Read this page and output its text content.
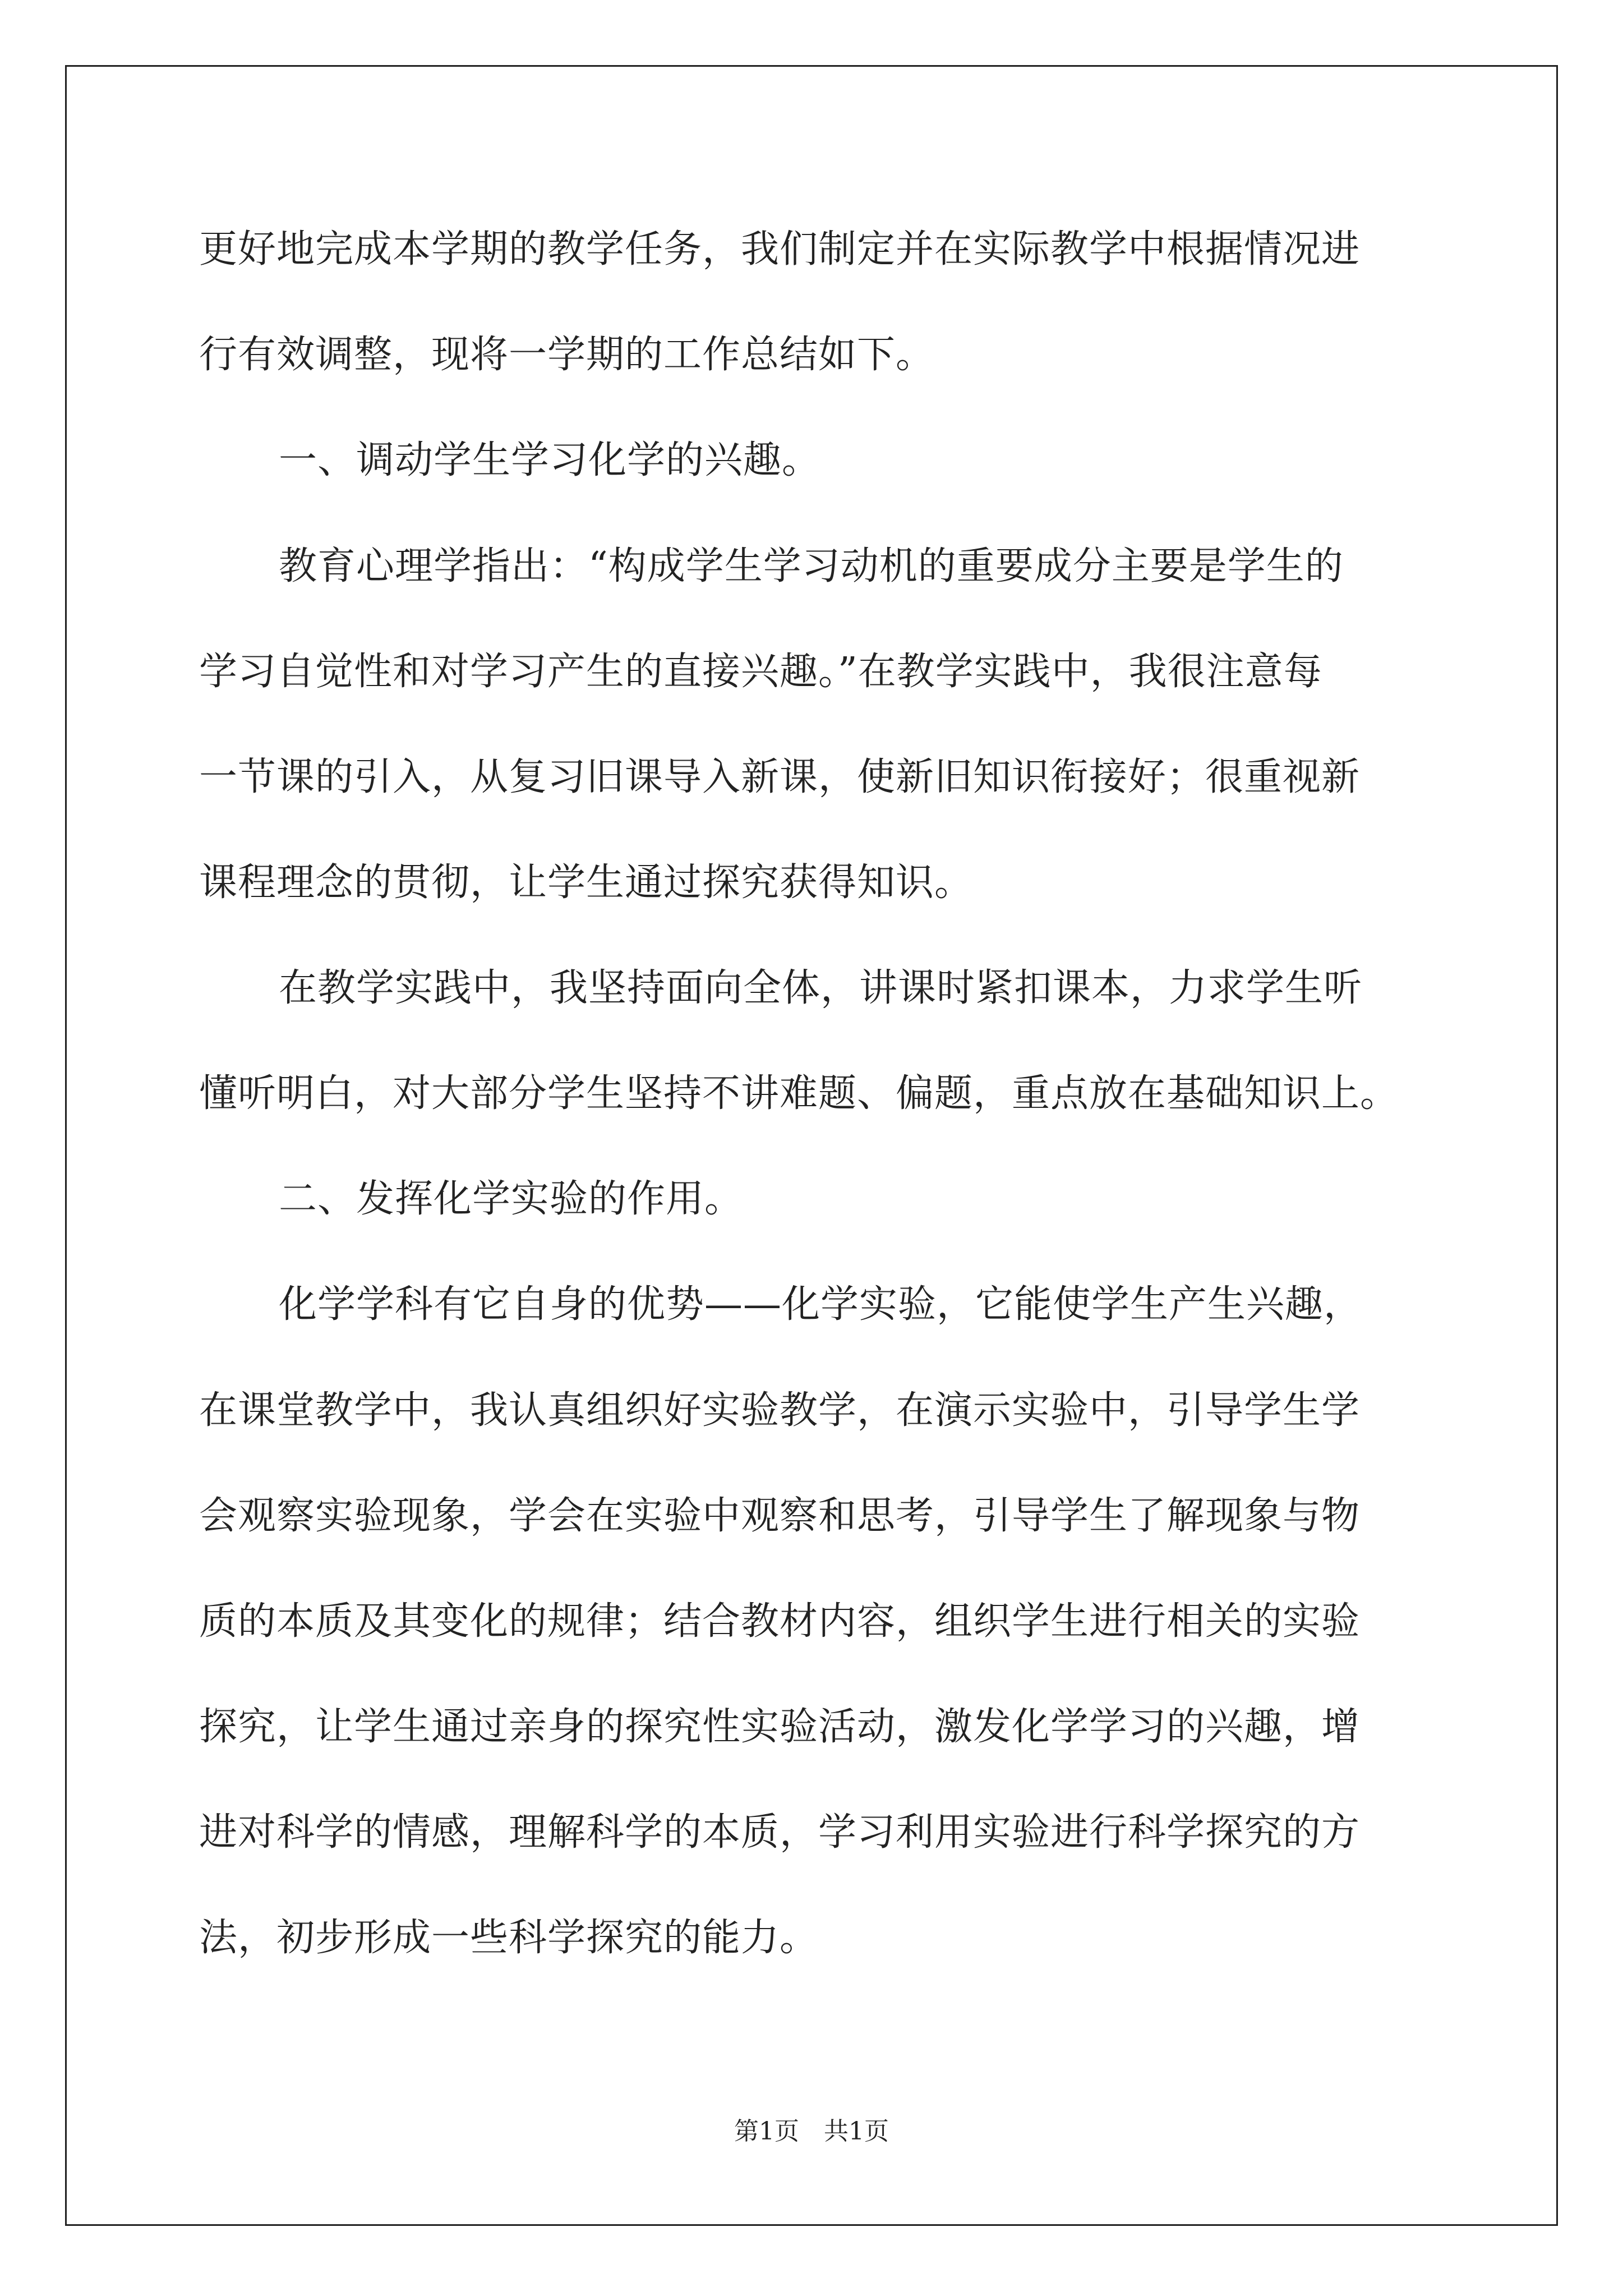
更好地完成本学期的教学任务，我们制定并在实际教学中根据情况进
行有效调整，现将一学期的工作总结如下。
一、调动学生学习化学的兴趣。
教育心理学指出：“构成学生学习动机的重要成分主要是学生的
学习自觉性和对学习产生的直接兴趣。”在教学实践中，我很注意每
一节课的引入，从复习旧课导入新课，使新旧知识衔接好；很重视新
课程理念的贯彻，让学生通过探究获得知识。
在教学实践中，我坚持面向全体，讲课时紧扣课本，力求学生听
懂听明白，对大部分学生坚持不讲难题、偏题，重点放在基础知识上。
二、发挥化学实验的作用。
化学学科有它自身的优势——化学实验，它能使学生产生兴趣，
在课堂教学中，我认真组织好实验教学，在演示实验中，引导学生学
会观察实验现象，学会在实验中观察和思考，引导学生了解现象与物
质的本质及其变化的规律；结合教材内容，组织学生进行相关的实验
探究，让学生通过亲身的探究性实验活动，激发化学学习的兴趣，增
进对科学的情感，理解科学的本质，学习利用实验进行科学探究的方
法，初步形成一些科学探究的能力。
第1页　共1页
